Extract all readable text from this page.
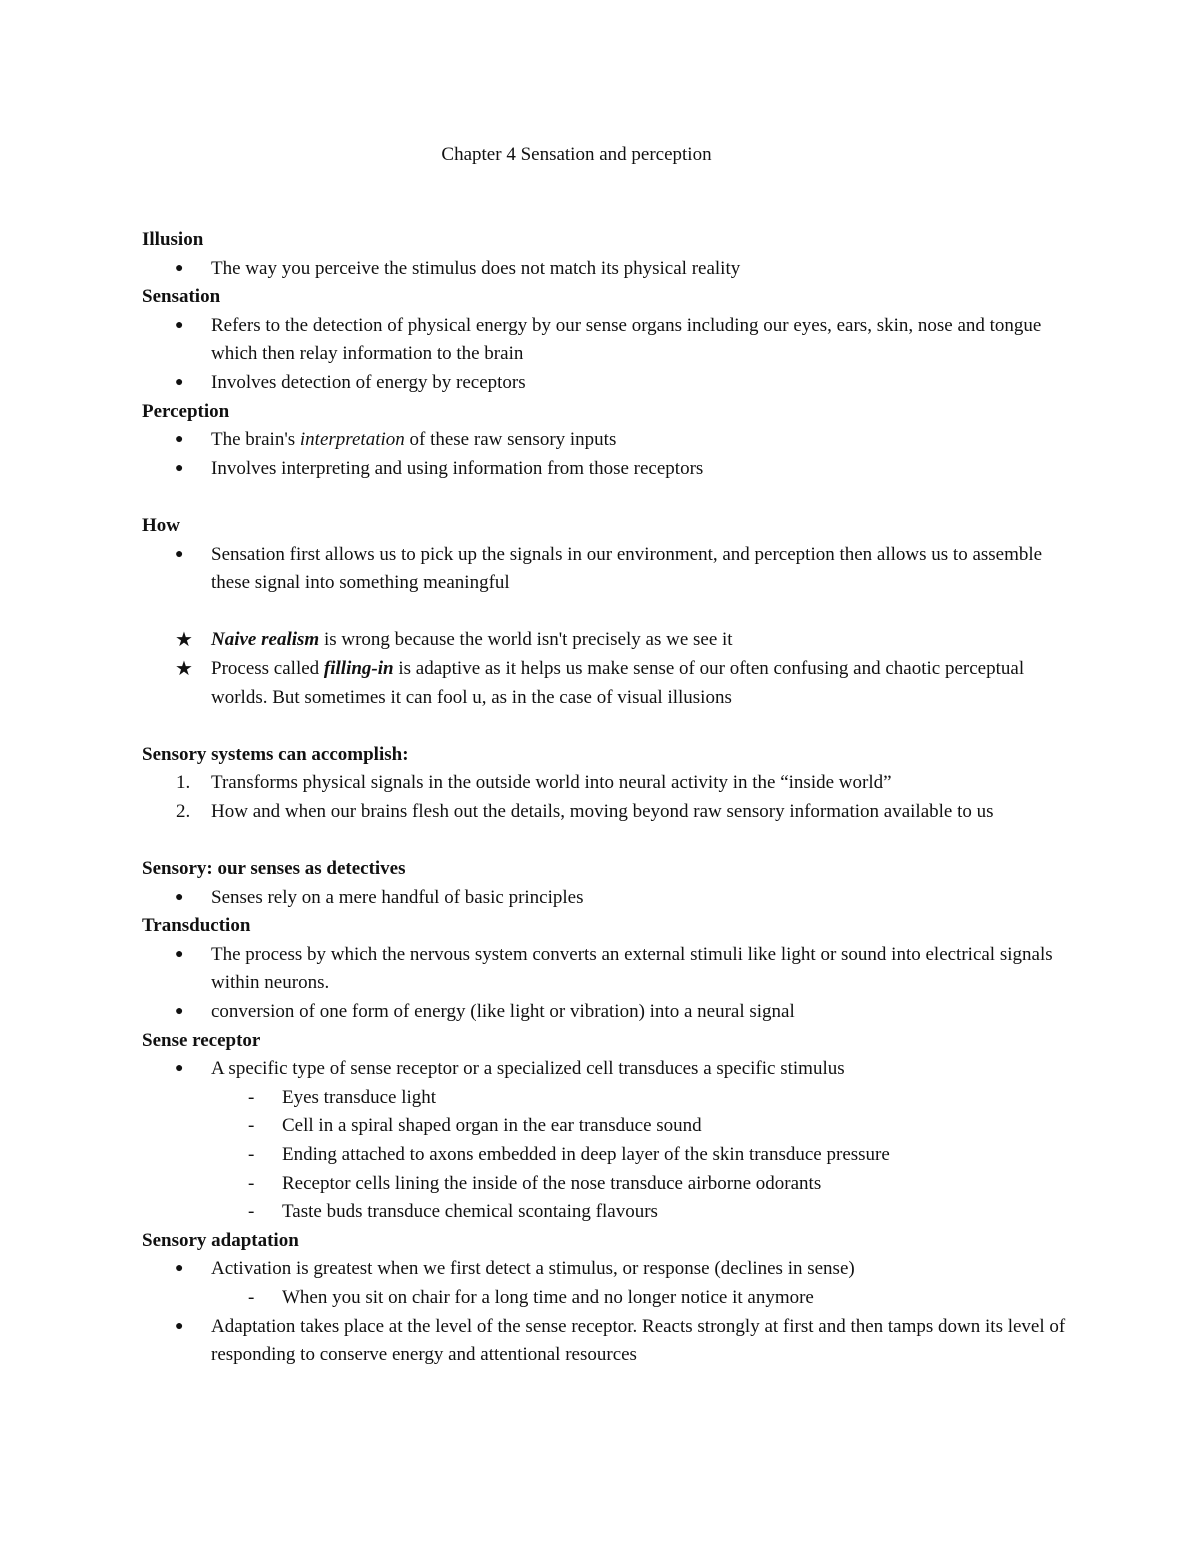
Chapter 4 Sensation and perception
Illusion
●	The way you perceive the stimulus does not match its physical reality
Sensation
●	Refers to the detection of physical energy by our sense organs including our eyes, ears, skin, nose and tongue which then relay information to the brain
●	Involves detection of energy by receptors
Perception
●	The brain's interpretation of these raw sensory inputs
●	Involves interpreting and using information from those receptors
How
●	Sensation first allows us to pick up the signals in our environment, and perception then allows us to assemble these signal into something meaningful
★ Naive realism is wrong because the world isn't precisely as we see it
★ Process called filling-in is adaptive as it helps us make sense of our often confusing and chaotic perceptual worlds. But sometimes it can fool u, as in the case of visual illusions
Sensory systems can accomplish:
1.	Transforms physical signals in the outside world into neural activity in the “inside world”
2.	How and when our brains flesh out the details, moving beyond raw sensory information available to us
Sensory: our senses as detectives
●	Senses rely on a mere handful of basic principles
Transduction
●	The process by which the nervous system converts an external stimuli like light or sound into electrical signals within neurons.
●	conversion of one form of energy (like light or vibration) into a neural signal
Sense receptor
●	A specific type of sense receptor or a specialized cell transduces a specific stimulus
-	Eyes transduce light
-	Cell in a spiral shaped organ in the ear transduce sound
-	Ending attached to axons embedded in deep layer of the skin transduce pressure
-	Receptor cells lining the inside of the nose transduce airborne odorants
-	Taste buds transduce chemical scontaing flavours
Sensory adaptation
●	Activation is greatest when we first detect a stimulus, or response (declines in sense)
-	When you sit on chair for a long time and no longer notice it anymore
●	Adaptation takes place at the level of the sense receptor. Reacts strongly at first and then tamps down its level of responding to conserve energy and attentional resources
